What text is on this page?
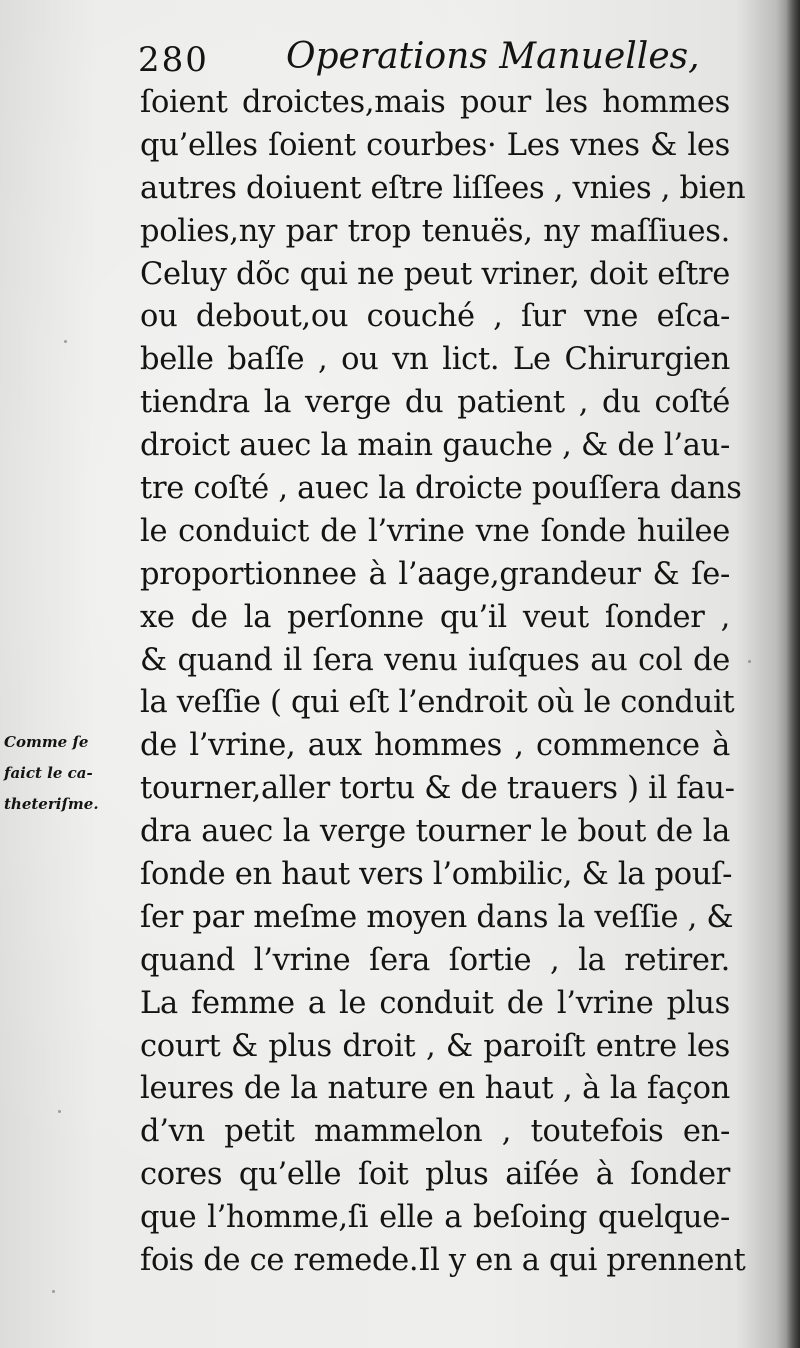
280 Operations Manuelles,
Comme ſe
faict le ca-
theteriſme.
ſoient droictes,mais pour les hommes
qu’elles ſoient courbes· Les vnes & les
autres doiuent eſtre liſſees , vnies , bien
polies,ny par trop tenuës, ny maſſiues.
Celuy dõc qui ne peut vriner, doit eſtre
ou debout,ou couché , ſur vne eſca-
belle baſſe , ou vn lict. Le Chirurgien
tiendra la verge du patient , du coſté
droict auec la main gauche , & de l’au-
tre coſté , auec la droicte pouſſera dans
le conduict de l’vrine vne ſonde huilee
proportionnee à l’aage,grandeur & ſe-
xe de la perſonne qu’il veut ſonder ,
& quand il ſera venu iuſques au col de
la veſſie ( qui eſt l’endroit où le conduit
de l’vrine, aux hommes , commence à
tourner,aller tortu & de trauers ) il fau-
dra auec la verge tourner le bout de la
ſonde en haut vers l’ombilic, & la pouſ-
ſer par meſme moyen dans la veſſie , &
quand l’vrine ſera ſortie , la retirer.
La femme a le conduit de l’vrine plus
court & plus droit , & paroiſt entre les
leures de la nature en haut , à la façon
d’vn petit mammelon , toutefois en-
cores qu’elle ſoit plus aiſée à ſonder
que l’homme,ſi elle a beſoing quelque-
fois de ce remede.Il y en a qui prennent
